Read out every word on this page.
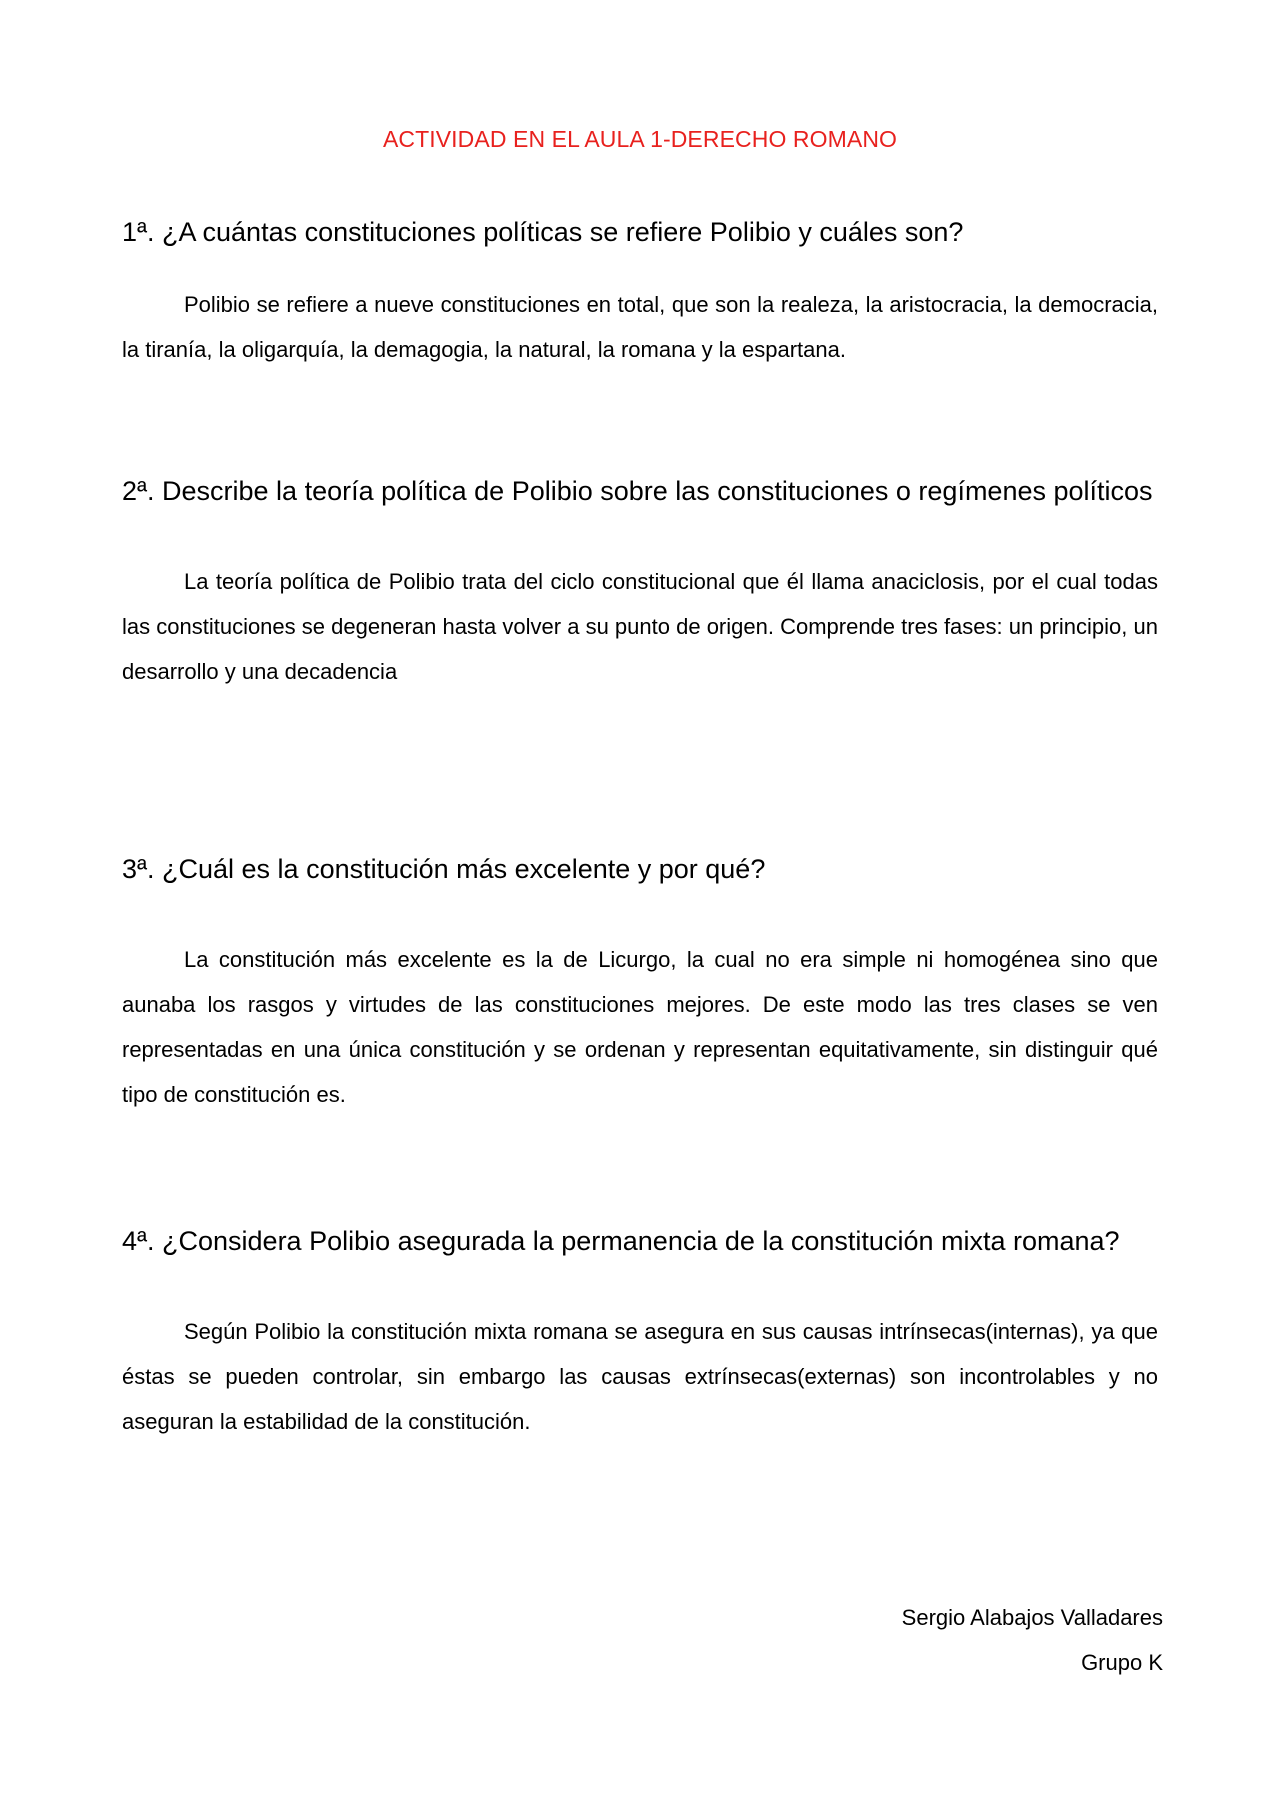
ACTIVIDAD EN EL AULA 1-DERECHO ROMANO
1ª. ¿A cuántas constituciones políticas se refiere Polibio y cuáles son?

Polibio se refiere a nueve constituciones en total, que son la realeza, la aristocracia, la democracia, la tiranía, la oligarquía, la demagogia, la natural, la romana y la espartana.

2ª. Describe la teoría política de Polibio sobre las constituciones o regímenes políticos

La teoría política de Polibio trata del ciclo constitucional que él llama anaciclosis, por el cual todas las constituciones se degeneran hasta volver a su punto de origen. Comprende tres fases: un principio, un desarrollo y una decadencia

3ª. ¿Cuál es la constitución más excelente y por qué?

La constitución más excelente es la de Licurgo, la cual no era simple ni homogénea sino que aunaba los rasgos y virtudes de las constituciones mejores. De este modo las tres clases se ven representadas en una única constitución y se ordenan y representan equitativamente, sin distinguir qué tipo de constitución es.

4ª. ¿Considera Polibio asegurada la permanencia de la constitución mixta romana?

Según Polibio la constitución mixta romana se asegura en sus causas intrínsecas(internas), ya que éstas se pueden controlar, sin embargo las causas extrínsecas(externas) son incontrolables y no aseguran la estabilidad de la constitución.

Sergio Alabajos Valladares
Grupo K
